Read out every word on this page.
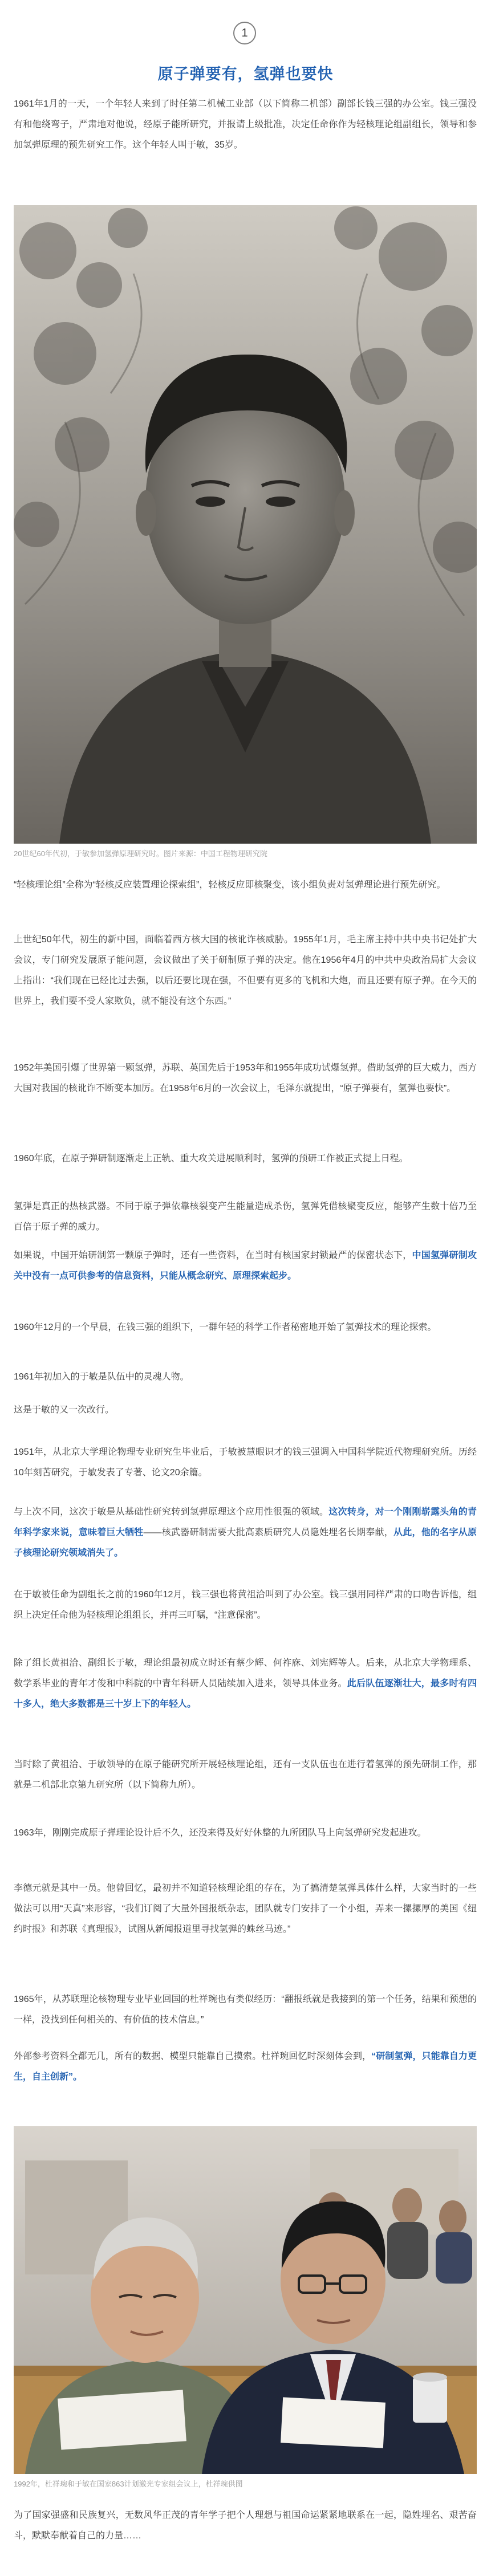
1
原子弹要有，氢弹也要快

1961年1月的一天，一个年轻人来到了时任第二机械工业部（以下简称二机部）副部长钱三强的办公室。钱三强没有和他绕弯子，严肃地对他说，经原子能所研究，并报请上级批准，决定任命你作为轻核理论组副组长，领导和参加氢弹原理的预先研究工作。这个年轻人叫于敏，35岁。

20世纪60年代初，于敏参加氢弹原理研究时。图片来源：中国工程物理研究院

“轻核理论组”全称为“轻核反应装置理论探索组”，轻核反应即核聚变，该小组负责对氢弹理论进行预先研究。

上世纪50年代，初生的新中国，面临着西方核大国的核讹诈核威胁。1955年1月，毛主席主持中共中央书记处扩大会议，专门研究发展原子能问题，会议做出了关于研制原子弹的决定。他在1956年4月的中共中央政治局扩大会议上指出：“我们现在已经比过去强，以后还要比现在强，不但要有更多的飞机和大炮，而且还要有原子弹。在今天的世界上，我们要不受人家欺负，就不能没有这个东西。”

1952年美国引爆了世界第一颗氢弹，苏联、英国先后于1953年和1955年成功试爆氢弹。借助氢弹的巨大威力，西方大国对我国的核讹诈不断变本加厉。在1958年6月的一次会议上，毛泽东就提出，“原子弹要有，氢弹也要快”。

1960年底，在原子弹研制逐渐走上正轨、重大攻关进展顺利时，氢弹的预研工作被正式提上日程。

氢弹是真正的热核武器。不同于原子弹依靠核裂变产生能量造成杀伤，氢弹凭借核聚变反应，能够产生数十倍乃至百倍于原子弹的威力。

如果说，中国开始研制第一颗原子弹时，还有一些资料，在当时有核国家封锁最严的保密状态下，中国氢弹研制攻关中没有一点可供参考的信息资料，只能从概念研究、原理探索起步。

1960年12月的一个早晨，在钱三强的组织下，一群年轻的科学工作者秘密地开始了氢弹技术的理论探索。

1961年初加入的于敏是队伍中的灵魂人物。

这是于敏的又一次改行。

1951年，从北京大学理论物理专业研究生毕业后，于敏被慧眼识才的钱三强调入中国科学院近代物理研究所。历经10年刻苦研究，于敏发表了专著、论文20余篇。

与上次不同，这次于敏是从基础性研究转到氢弹原理这个应用性很强的领域。这次转身，对一个刚刚崭露头角的青年科学家来说，意味着巨大牺牲——核武器研制需要大批高素质研究人员隐姓埋名长期奉献，从此，他的名字从原子核理论研究领域消失了。

在于敏被任命为副组长之前的1960年12月，钱三强也将黄祖洽叫到了办公室。钱三强用同样严肃的口吻告诉他，组织上决定任命他为轻核理论组组长，并再三叮嘱，“注意保密”。

除了组长黄祖洽、副组长于敏，理论组最初成立时还有蔡少辉、何祚庥、刘宪辉等人。后来，从北京大学物理系、数学系毕业的青年才俊和中科院的中青年科研人员陆续加入进来，领导具体业务。此后队伍逐渐壮大，最多时有四十多人，绝大多数都是三十岁上下的年轻人。

当时除了黄祖洽、于敏领导的在原子能研究所开展轻核理论组，还有一支队伍也在进行着氢弹的预先研制工作，那就是二机部北京第九研究所（以下简称九所）。

1963年，刚刚完成原子弹理论设计后不久，还没来得及好好休整的九所团队马上向氢弹研究发起进攻。

李德元就是其中一员。他曾回忆，最初并不知道轻核理论组的存在，为了搞清楚氢弹具体什么样，大家当时的一些做法可以用“天真”来形容，“我们订阅了大量外国报纸杂志，团队就专门安排了一个小组，弄来一摞摞厚的美国《纽约时报》和苏联《真理报》，试图从新闻报道里寻找氢弹的蛛丝马迹。”

1965年，从苏联理论核物理专业毕业回国的杜祥琬也有类似经历：“翻报纸就是我接到的第一个任务，结果和预想的一样，没找到任何相关的、有价值的技术信息。”

外部参考资料全都无几，所有的数据、模型只能靠自己摸索。杜祥琬回忆时深刻体会到，“研制氢弹，只能靠自力更生，自主创新”。

1992年，杜祥琬和于敏在国家863计划激光专家组会议上，杜祥琬供图

为了国家强盛和民族复兴，无数风华正茂的青年学子把个人理想与祖国命运紧紧地联系在一起，隐姓埋名、艰苦奋斗，默默奉献着自己的力量……
